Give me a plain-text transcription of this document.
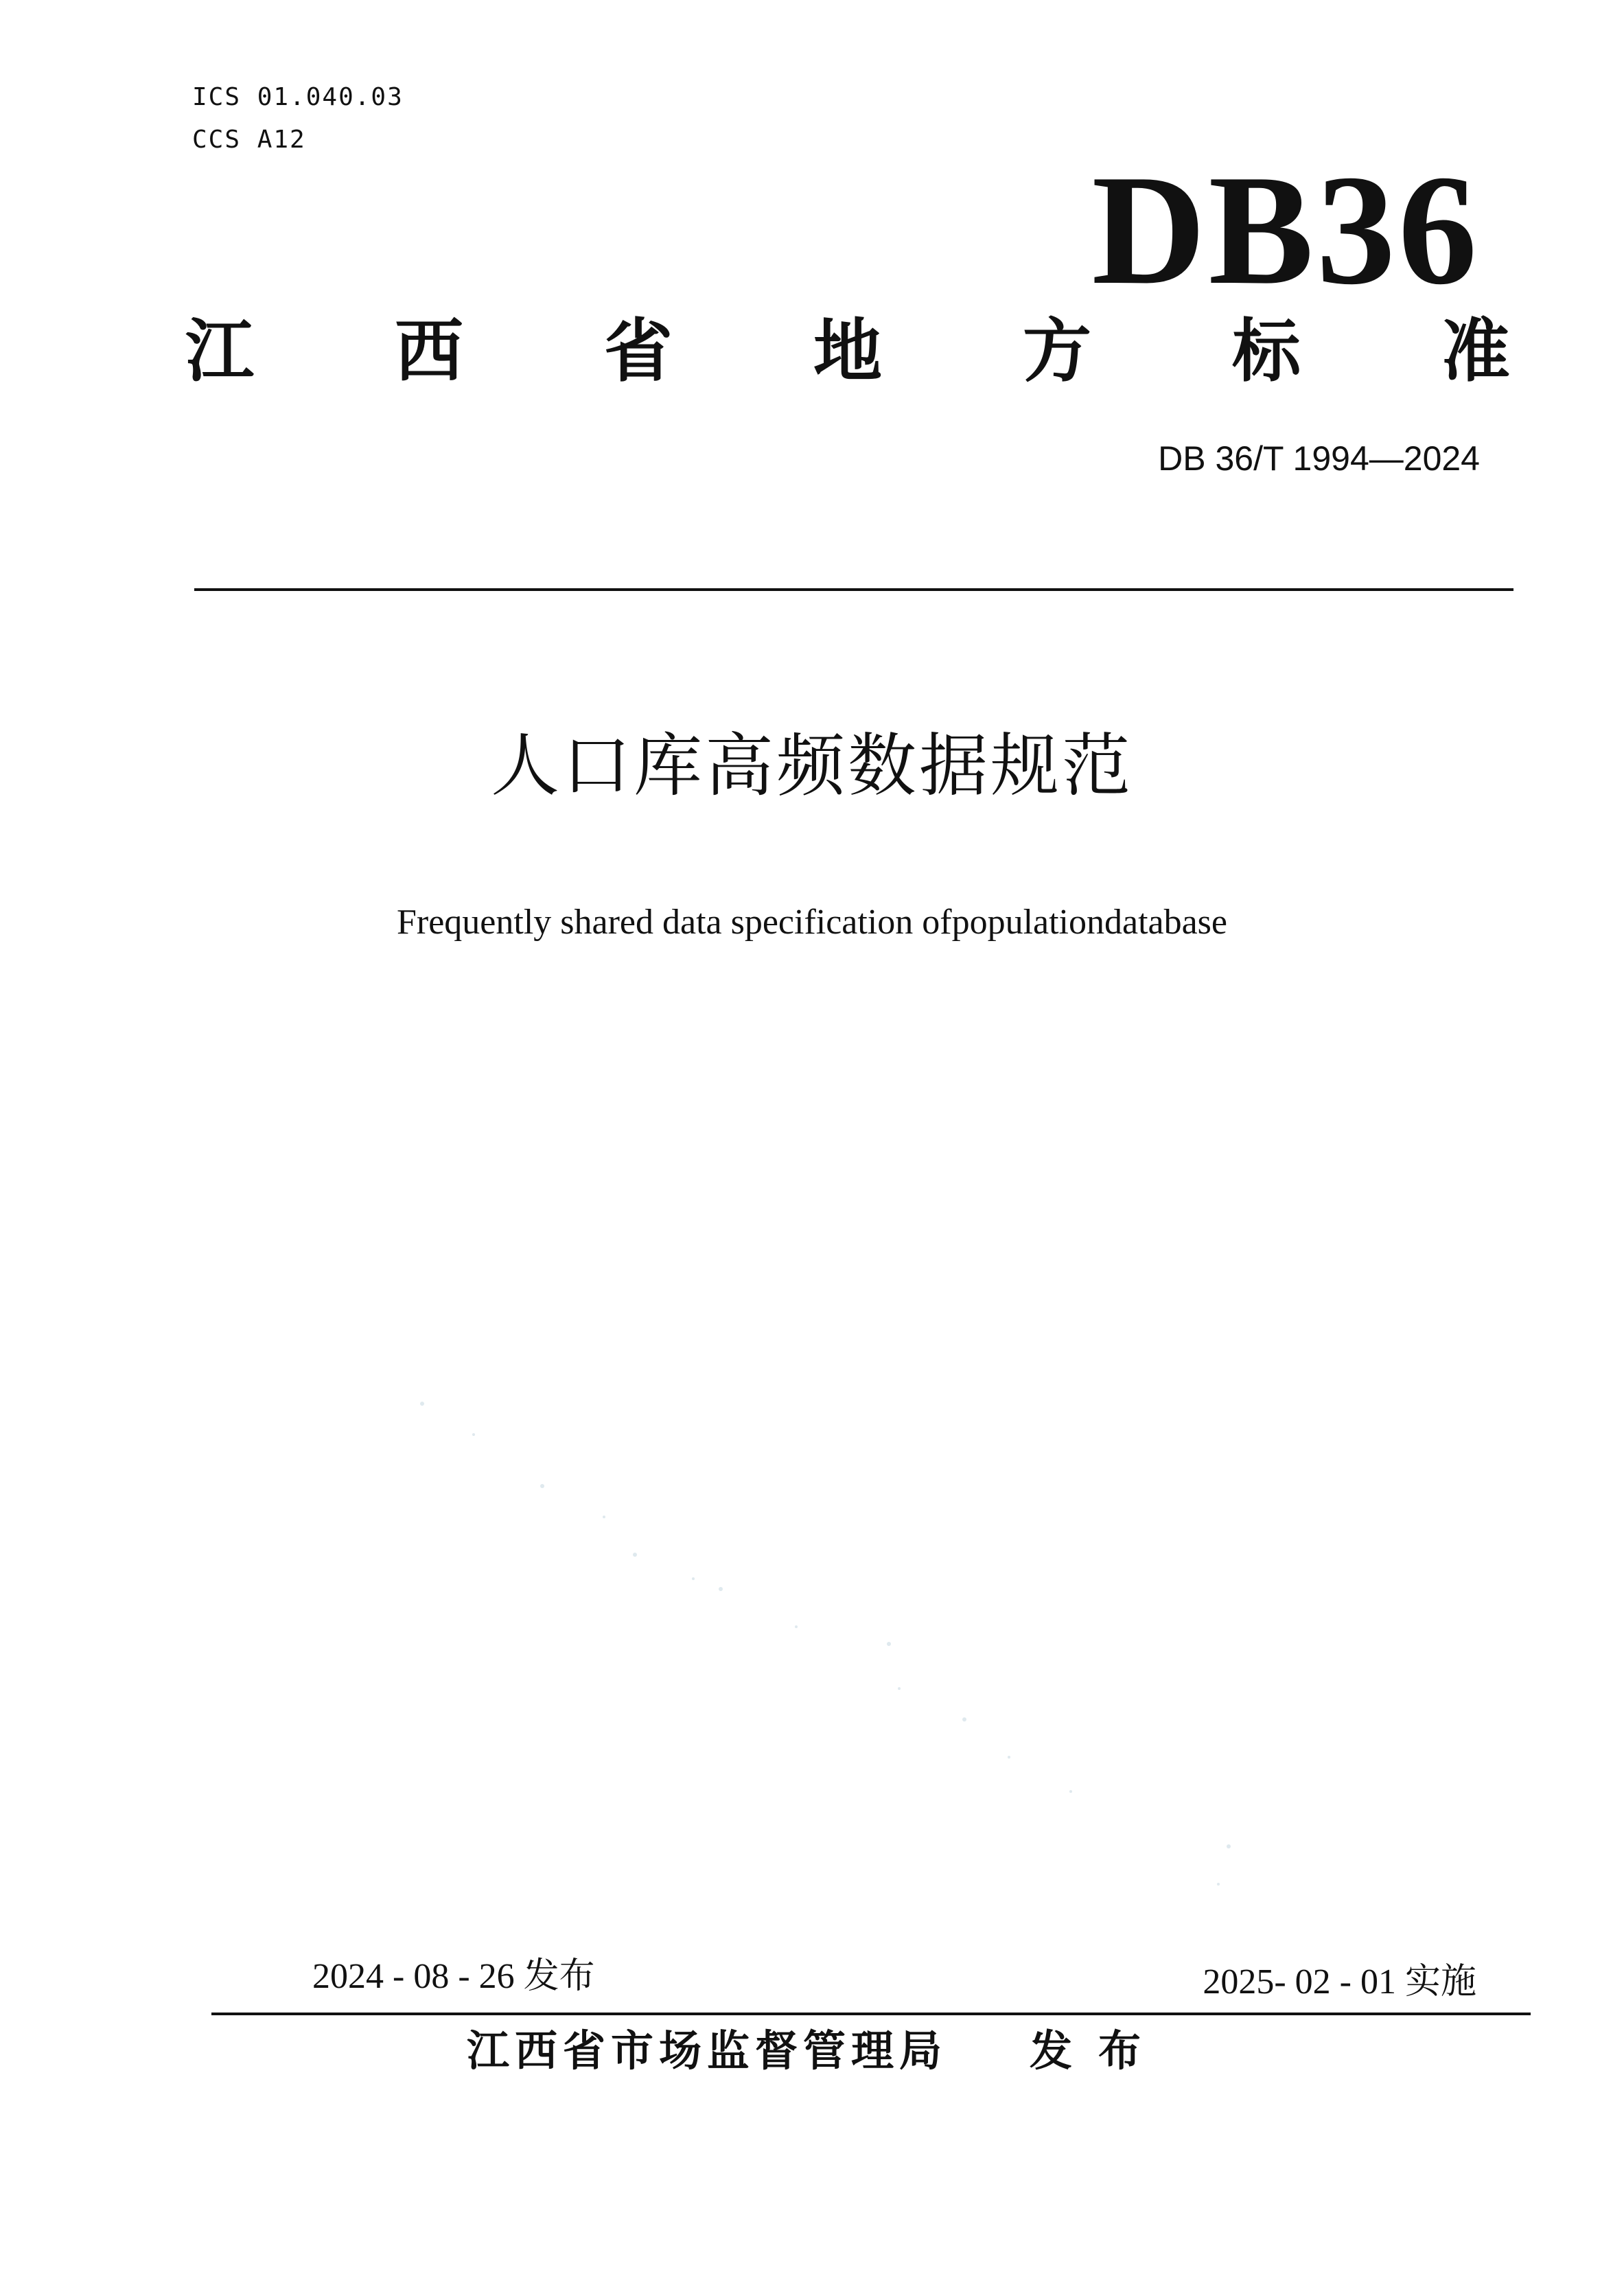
ICS 01.040.03
CCS A12
DB36
江 西 省 地 方 标 准
DB 36/T 1994—2024
人口库高频数据规范
Frequently shared data specification ofpopulationdatabase
2024 - 08 - 26 发布	2025- 02 - 01 实施
江西省市场监督管理局 发布
